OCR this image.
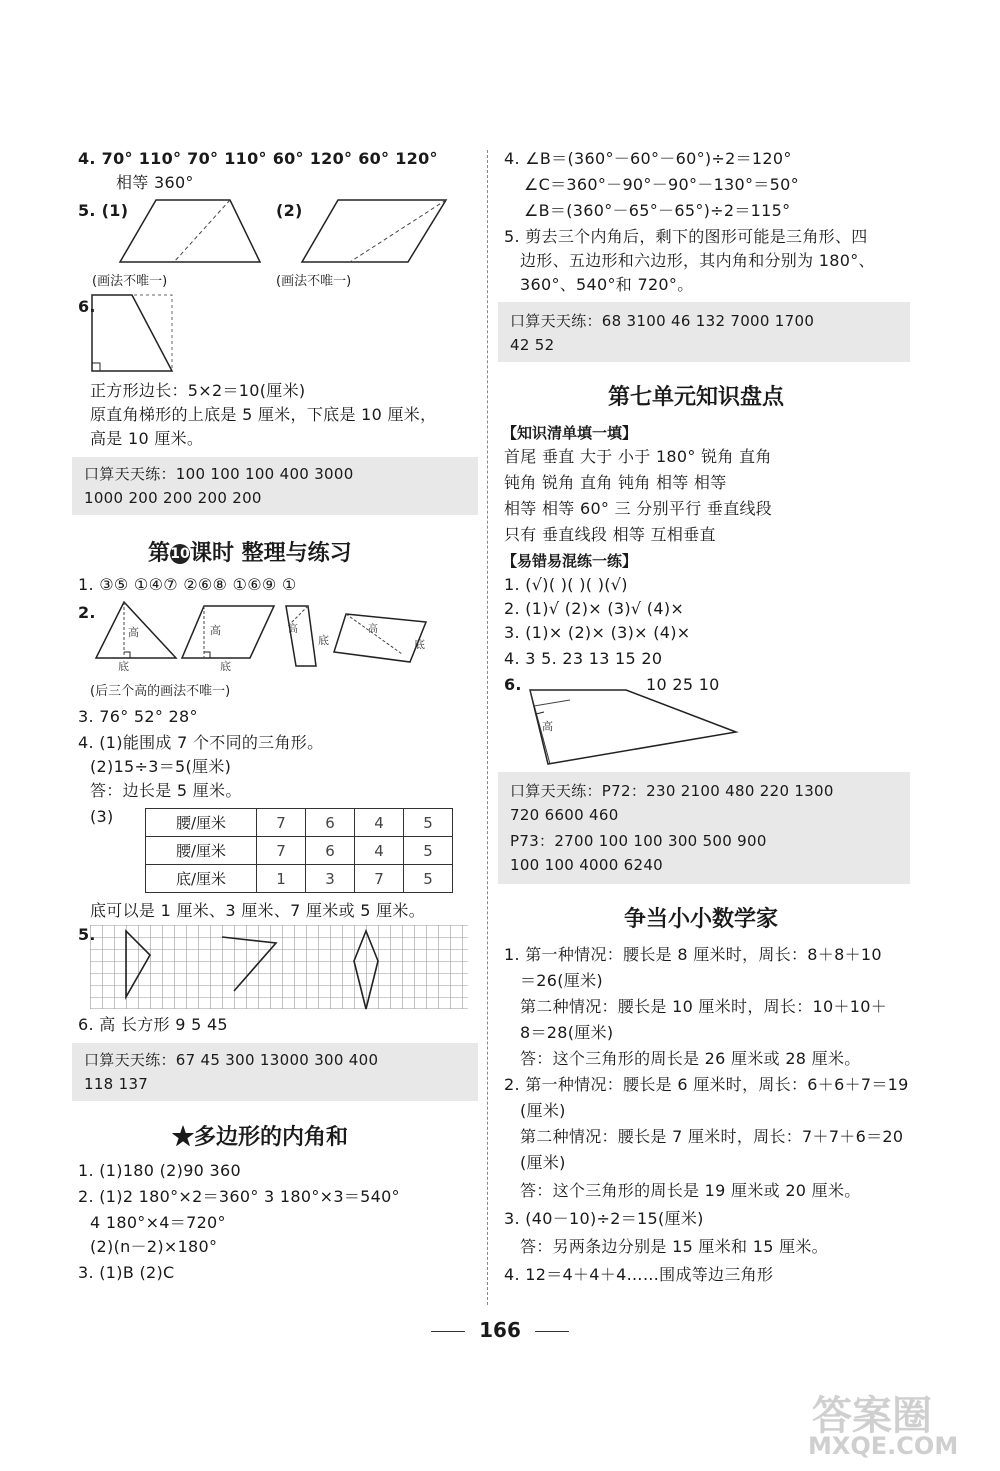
4. 70° 110° 70° 110° 60° 120° 60° 120°
相等 360°
5. (1)	(2)
(画法不唯一)	(画法不唯一)
6.
正方形边长：5×2＝10(厘米)
原直角梯形的上底是 5 厘米，下底是 10 厘米，
高是 10 厘米。
口算天天练：100 100 100 400 3000
1000 200 200 200 200
第10课时 整理与练习
1. ③⑤ ①④⑦ ②⑥⑧ ①⑥⑨ ①
2.
高
底
高
底
高
底
高
底
(后三个高的画法不唯一)
3. 76° 52° 28°
4. (1)能围成 7 个不同的三角形。
(2)15÷3＝5(厘米)
答：边长是 5 厘米。
(3)	腰/厘米	7	6	4	5
腰/厘米	7	6	4	5
底/厘米	1	3	7	5
底可以是 1 厘米、3 厘米、7 厘米或 5 厘米。
5.
6. 高 长方形 9 5 45
口算天天练：67 45 300 13000 300 400
118 137
★多边形的内角和
1. (1)180 (2)90 360
2. (1)2 180°×2＝360° 3 180°×3＝540°
4 180°×4＝720°
(2)(n－2)×180°
3. (1)B (2)C
4. ∠B＝(360°－60°－60°)÷2＝120°
∠C＝360°－90°－90°－130°＝50°
∠B＝(360°－65°－65°)÷2＝115°
5. 剪去三个内角后，剩下的图形可能是三角形、四
边形、五边形和六边形，其内角和分别为 180°、
360°、540°和 720°。
口算天天练：68 3100 46 132 7000 1700
42 52
第七单元知识盘点
【知识清单填一填】
首尾 垂直 大于 小于 180° 锐角 直角
钝角 锐角 直角 钝角 相等 相等
相等 相等 60° 三 分别平行 垂直线段
只有 垂直线段 相等 互相垂直
【易错易混练一练】
1. (√)( )( )( )(√)
2. (1)√ (2)× (3)√ (4)×
3. (1)× (2)× (3)× (4)×
4. 3 5. 23 13 15 20
6.	10 25 10
高
口算天天练：P72：230 2100 480 220 1300
720 6600 460
P73：2700 100 100 300 500 900
100 100 4000 6240
争当小小数学家
1. 第一种情况：腰长是 8 厘米时，周长：8＋8＋10
＝26(厘米)
第二种情况：腰长是 10 厘米时，周长：10＋10＋
8＝28(厘米)
答：这个三角形的周长是 26 厘米或 28 厘米。
2. 第一种情况：腰长是 6 厘米时，周长：6＋6＋7＝19
(厘米)
第二种情况：腰长是 7 厘米时，周长：7＋7＋6＝20
(厘米)
答：这个三角形的周长是 19 厘米或 20 厘米。
3. (40－10)÷2＝15(厘米)
答：另两条边分别是 15 厘米和 15 厘米。
4. 12＝4＋4＋4……围成等边三角形
166
答案圈
MXQE.COM
